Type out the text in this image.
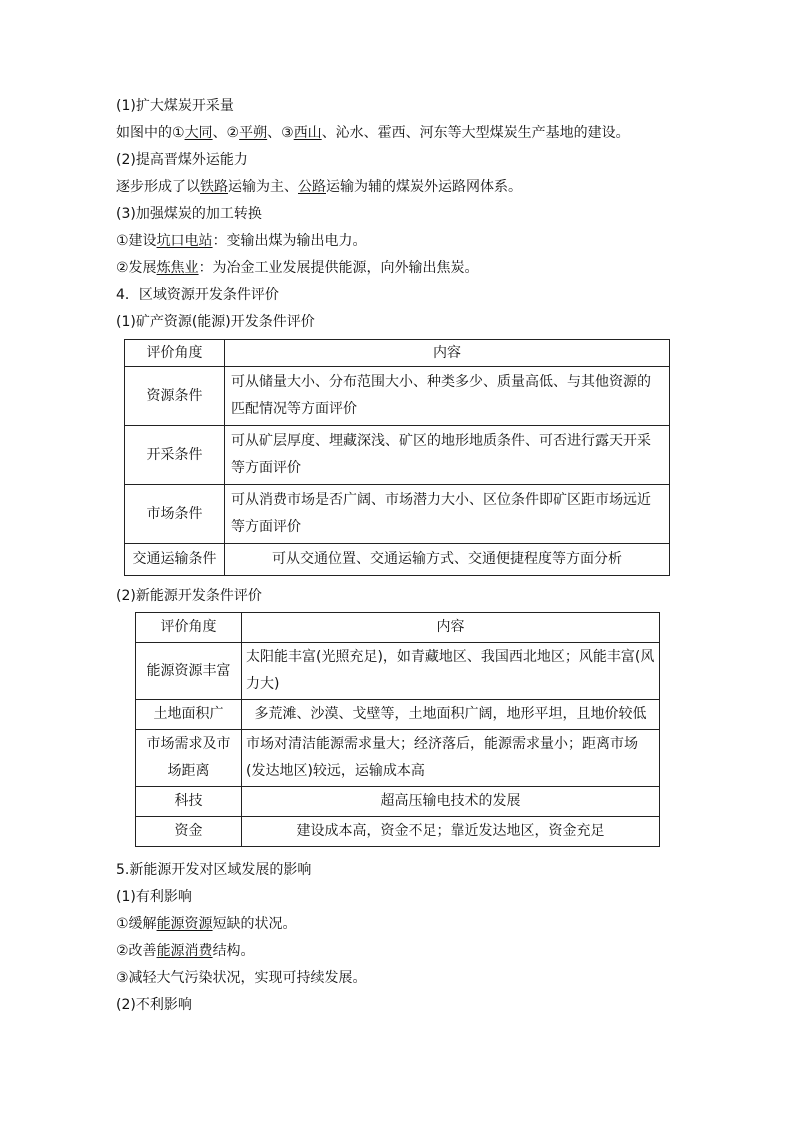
(1)扩大煤炭开采量
如图中的①大同、②平朔、③西山、沁水、霍西、河东等大型煤炭生产基地的建设。
(2)提高晋煤外运能力
逐步形成了以铁路运输为主、公路运输为辅的煤炭外运路网体系。
(3)加强煤炭的加工转换
①建设坑口电站：变输出煤为输出电力。
②发展炼焦业：为冶金工业发展提供能源，向外输出焦炭。
4．区域资源开发条件评价
(1)矿产资源(能源)开发条件评价
评价角度	内容
资源条件	可从储量大小、分布范围大小、种类多少、质量高低、与其他资源的匹配情况等方面评价
开采条件	可从矿层厚度、埋藏深浅、矿区的地形地质条件、可否进行露天开采等方面评价
市场条件	可从消费市场是否广阔、市场潜力大小、区位条件即矿区距市场远近等方面评价
交通运输条件	可从交通位置、交通运输方式、交通便捷程度等方面分析
(2)新能源开发条件评价
评价角度	内容
能源资源丰富	太阳能丰富(光照充足)，如青藏地区、我国西北地区；风能丰富(风力大)
土地面积广	多荒滩、沙漠、戈壁等，土地面积广阔，地形平坦，且地价较低
市场需求及市场距离	市场对清洁能源需求量大；经济落后，能源需求量小；距离市场(发达地区)较远，运输成本高
科技	超高压输电技术的发展
资金	建设成本高，资金不足；靠近发达地区，资金充足
5.新能源开发对区域发展的影响
(1)有利影响
①缓解能源资源短缺的状况。
②改善能源消费结构。
③减轻大气污染状况，实现可持续发展。
(2)不利影响
